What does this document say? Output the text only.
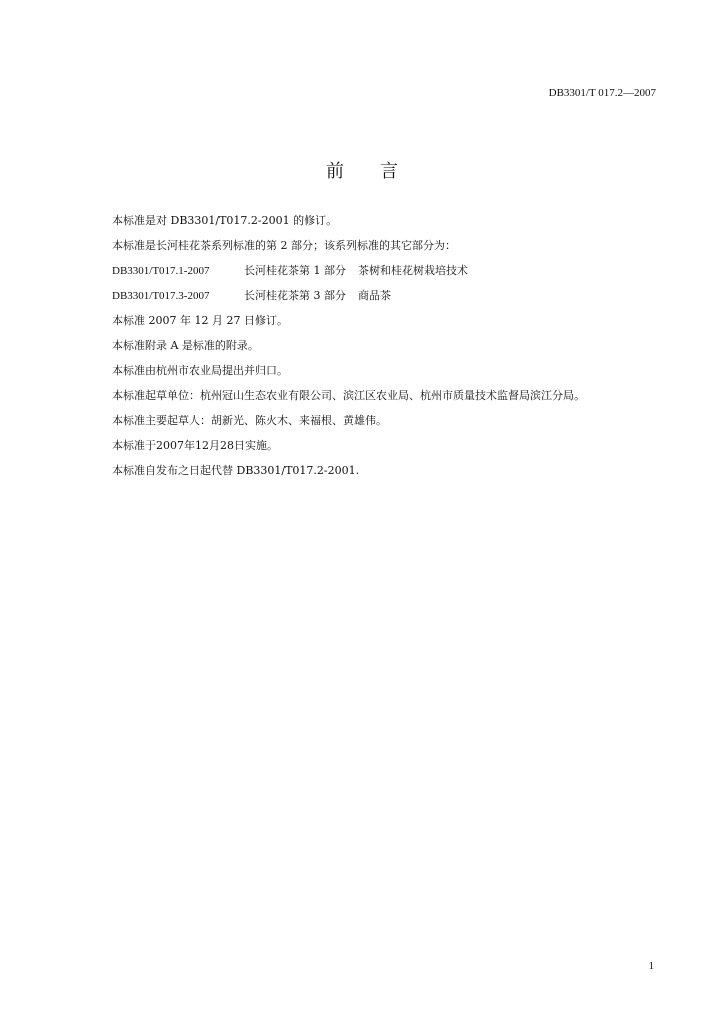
DB3301/T 017.2—2007
前言
本标准是对 DB3301/T017.2-2001 的修订。
本标准是长河桂花茶系列标准的第 2 部分；该系列标准的其它部分为：
DB3301/T017.1-2007	长河桂花茶第 1 部分 茶树和桂花树栽培技术
DB3301/T017.3-2007	长河桂花茶第 3 部分 商品茶
本标准 2007 年 12 月 27 日修订。
本标准附录 A 是标准的附录。
本标准由杭州市农业局提出并归口。
本标准起草单位：杭州冠山生态农业有限公司、滨江区农业局、杭州市质量技术监督局滨江分局。
本标准主要起草人：胡新光、陈火木、来福根、黄雄伟。
本标准于2007年12月28日实施。
本标准自发布之日起代替 DB3301/T017.2-2001.
1
